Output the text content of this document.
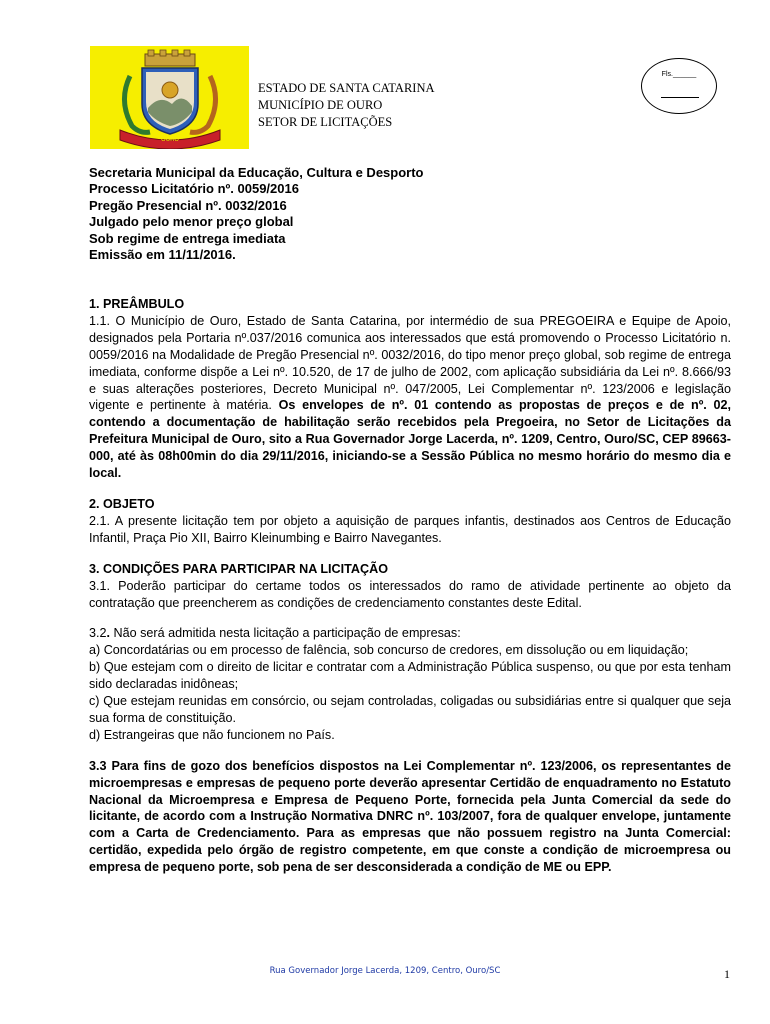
OURO
ESTADO DE SANTA CATARINA
MUNICÍPIO DE OURO
SETOR DE LICITAÇÕES
Fls.______
Secretaria Municipal da Educação, Cultura e Desporto
Processo Licitatório nº. 0059/2016
Pregão Presencial nº. 0032/2016
Julgado pelo menor preço global
Sob regime de entrega imediata
Emissão em 11/11/2016.

1. PREÂMBULO

1.1. O Município de Ouro, Estado de Santa Catarina, por intermédio de sua PREGOEIRA e Equipe de Apoio, designados pela Portaria nº.037/2016 comunica aos interessados que está promovendo o Processo Licitatório n. 0059/2016 na Modalidade de Pregão Presencial nº. 0032/2016, do tipo menor preço global, sob regime de entrega imediata, conforme dispõe a Lei nº. 10.520, de 17 de julho de 2002, com aplicação subsidiária da Lei nº. 8.666/93 e suas alterações posteriores, Decreto Municipal nº. 047/2005, Lei Complementar nº. 123/2006 e legislação vigente e pertinente à matéria. Os envelopes de nº. 01 contendo as propostas de preços e de nº. 02, contendo a documentação de habilitação serão recebidos pela Pregoeira, no Setor de Licitações da Prefeitura Municipal de Ouro, sito a Rua Governador Jorge Lacerda, nº. 1209, Centro, Ouro/SC, CEP 89663-000, até às 08h00min do dia 29/11/2016, iniciando-se a Sessão Pública no mesmo horário do mesmo dia e local.

2. OBJETO

2.1. A presente licitação tem por objeto a aquisição de parques infantis, destinados aos Centros de Educação Infantil, Praça Pio XII, Bairro Kleinumbing e Bairro Navegantes.

3. CONDIÇÕES PARA PARTICIPAR NA LICITAÇÃO

3.1. Poderão participar do certame todos os interessados do ramo de atividade pertinente ao objeto da contratação que preencherem as condições de credenciamento constantes deste Edital.

3.2. Não será admitida nesta licitação a participação de empresas:

a) Concordatárias ou em processo de falência, sob concurso de credores, em dissolução ou em liquidação;

b) Que estejam com o direito de licitar e contratar com a Administração Pública suspenso, ou que por esta tenham sido declaradas inidôneas;

c) Que estejam reunidas em consórcio, ou sejam controladas, coligadas ou subsidiárias entre si qualquer que seja sua forma de constituição.

d) Estrangeiras que não funcionem no País.

3.3 Para fins de gozo dos benefícios dispostos na Lei Complementar nº. 123/2006, os representantes de microempresas e empresas de pequeno porte deverão apresentar Certidão de enquadramento no Estatuto Nacional da Microempresa e Empresa de Pequeno Porte, fornecida pela Junta Comercial da sede do licitante, de acordo com a Instrução Normativa DNRC nº. 103/2007, fora de qualquer envelope, juntamente com a Carta de Credenciamento. Para as empresas que não possuem registro na Junta Comercial: certidão, expedida pelo órgão de registro competente, em que conste a condição de microempresa ou empresa de pequeno porte, sob pena de ser desconsiderada a condição de ME ou EPP.

Rua Governador Jorge Lacerda, 1209, Centro, Ouro/SC	1
